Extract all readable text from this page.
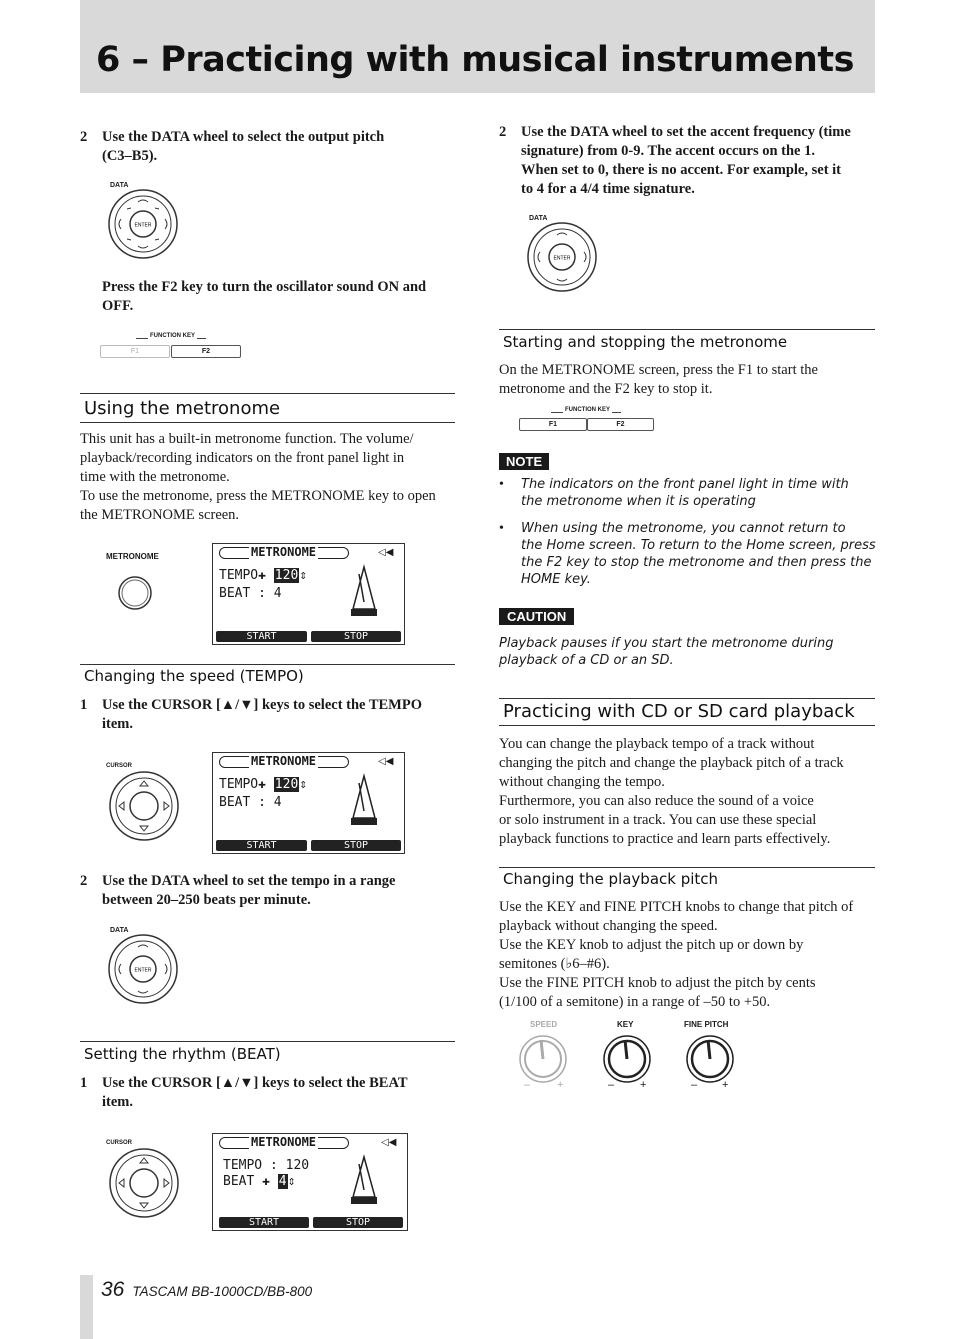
6 – Practicing with musical instruments
2 Use the DATA wheel to select the output pitch
(C3–B5).
DATA
ENTER
Press the F2 key to turn the oscillator sound ON and
OFF.
FUNCTION KEY
F1	F2
Using the metronome
This unit has a built-in metronome function. The volume/
playback/recording indicators on the front panel light in
time with the metronome.
To use the metronome, press the METRONOME key to open
the METRONOME screen.
METRONOME	METRONOME	◁◀
TEMPO✚ 120⇕
BEAT : 4
START	STOP
Changing the speed (TEMPO)
1 Use the CURSOR [▲/▼] keys to select the TEMPO
item.
CURSOR	METRONOME	◁◀
TEMPO✚ 120⇕
BEAT : 4
START	STOP
2 Use the DATA wheel to set the tempo in a range
between 20–250 beats per minute.
DATA
ENTER
Setting the rhythm (BEAT)
1 Use the CURSOR [▲/▼] keys to select the BEAT
item.
CURSOR	METRONOME	◁◀
TEMPO : 120
BEAT ✚ 4⇕
START	STOP
2 Use the DATA wheel to set the accent frequency (time
signature) from 0-9. The accent occurs on the 1.
When set to 0, there is no accent. For example, set it
to 4 for a 4/4 time signature.
DATA
ENTER
Starting and stopping the metronome
On the METRONOME screen, press the F1 to start the
metronome and the F2 key to stop it.
FUNCTION KEY
F1	F2
NOTE
• The indicators on the front panel light in time with
the metronome when it is operating
• When using the metronome, you cannot return to
the Home screen. To return to the Home screen, press
the F2 key to stop the metronome and then press the
HOME key.
CAUTION
Playback pauses if you start the metronome during
playback of a CD or an SD.
Practicing with CD or SD card playback
You can change the playback tempo of a track without
changing the pitch and change the playback pitch of a track
without changing the tempo.
Furthermore, you can also reduce the sound of a voice
or solo instrument in a track. You can use these special
playback functions to practice and learn parts effectively.
Changing the playback pitch
Use the KEY and FINE PITCH knobs to change that pitch of
playback without changing the speed.
Use the KEY knob to adjust the pitch up or down by
semitones (♭6–#6).
Use the FINE PITCH knob to adjust the pitch by cents
(1/100 of a semitone) in a range of –50 to +50.
SPEED
– +
KEY
– +
FINE PITCH
– +
36 TASCAM BB-1000CD/BB-800
